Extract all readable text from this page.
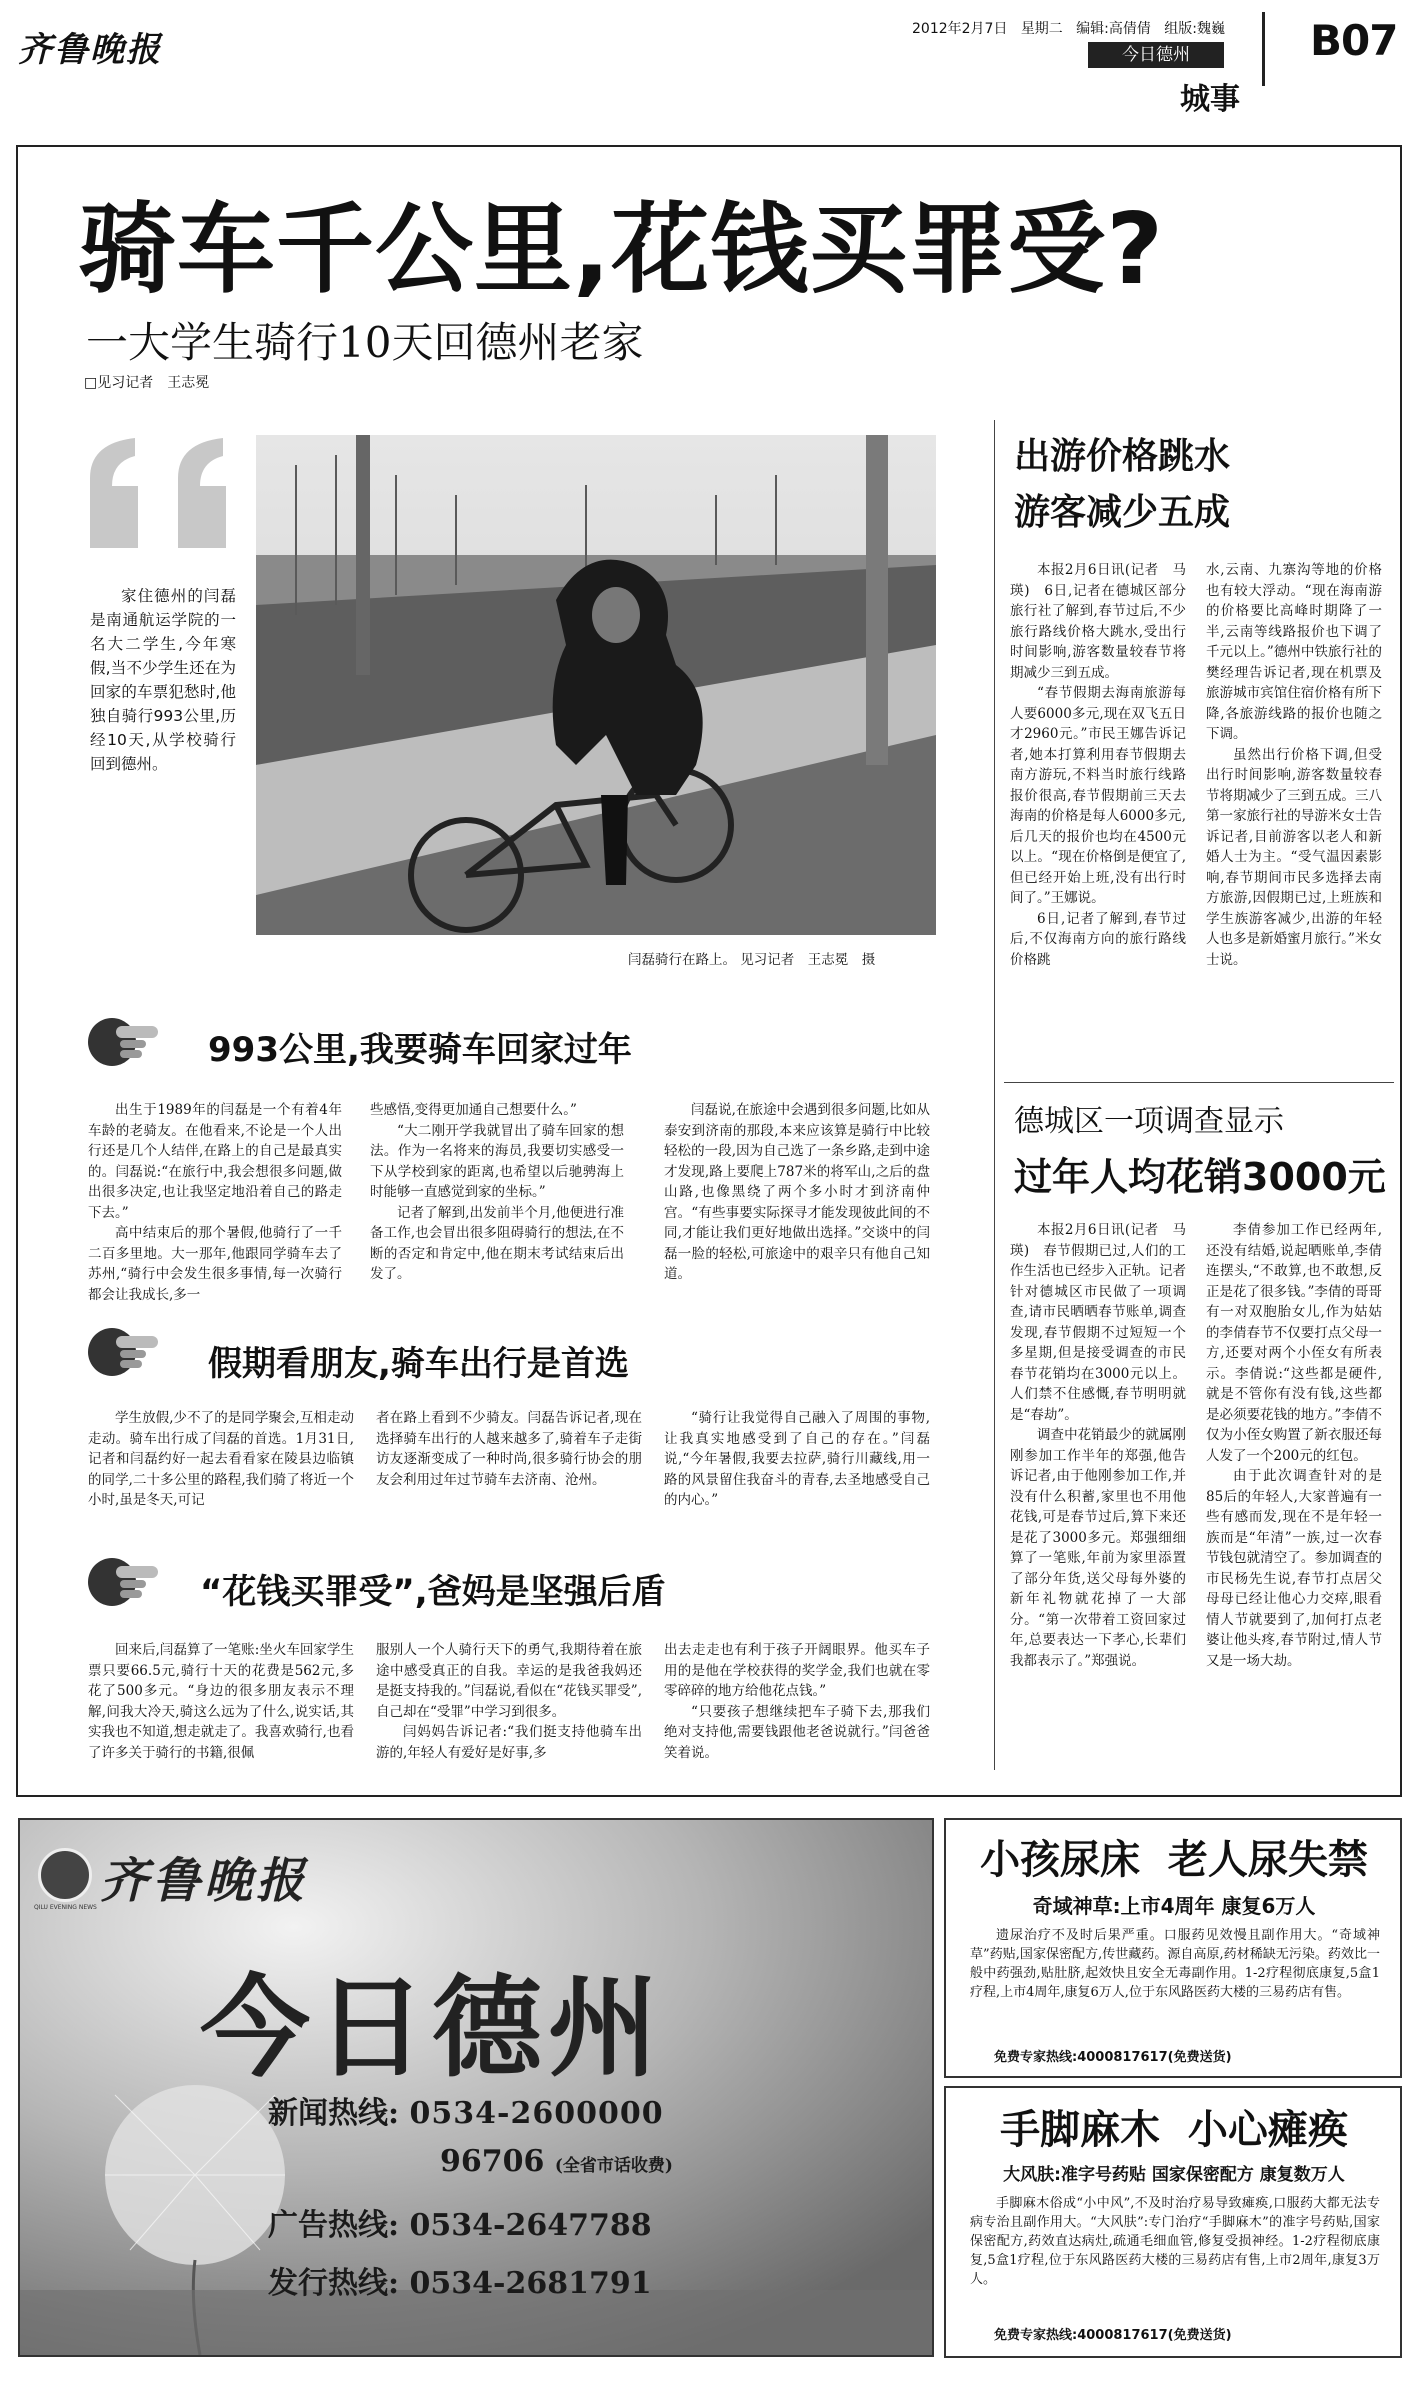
齐鲁晚报
2012年2月7日 星期二 编辑:高倩倩 组版:魏巍
今日德州
城事
B07
骑车千公里,花钱买罪受?
一大学生骑行10天回德州老家
□见习记者　王志冕
家住德州的闫磊是南通航运学院的一名大二学生,今年寒假,当不少学生还在为回家的车票犯愁时,他独自骑行993公里,历经10天,从学校骑行回到德州。
闫磊骑行在路上。 见习记者　王志冕　摄
993公里,我要骑车回家过年

出生于1989年的闫磊是一个有着4年车龄的老骑友。在他看来,不论是一个人出行还是几个人结伴,在路上的自己是最真实的。闫磊说:“在旅行中,我会想很多问题,做出很多决定,也让我坚定地沿着自己的路走下去。”

高中结束后的那个暑假,他骑行了一千二百多里地。大一那年,他跟同学骑车去了苏州,“骑行中会发生很多事情,每一次骑行都会让我成长,多一

些感悟,变得更加通自己想要什么。”

“大二刚开学我就冒出了骑车回家的想法。作为一名将来的海员,我要切实感受一下从学校到家的距离,也希望以后驰骋海上时能够一直感觉到家的坐标。”

记者了解到,出发前半个月,他便进行准备工作,也会冒出很多阻碍骑行的想法,在不断的否定和肯定中,他在期末考试结束后出发了。

闫磊说,在旅途中会遇到很多问题,比如从泰安到济南的那段,本来应该算是骑行中比较轻松的一段,因为自己选了一条乡路,走到中途才发现,路上要爬上787米的将军山,之后的盘山路,也像黑绕了两个多小时才到济南仲宫。“有些事要实际探寻才能发现彼此间的不同,才能让我们更好地做出选择。”交谈中的闫磊一脸的轻松,可旅途中的艰辛只有他自己知道。

假期看朋友,骑车出行是首选

学生放假,少不了的是同学聚会,互相走动走动。骑车出行成了闫磊的首选。1月31日,记者和闫磊约好一起去看看家在陵县边临镇的同学,二十多公里的路程,我们骑了将近一个小时,虽是冬天,可记

者在路上看到不少骑友。闫磊告诉记者,现在选择骑车出行的人越来越多了,骑着车子走街访友逐渐变成了一种时尚,很多骑行协会的朋友会利用过年过节骑车去济南、沧州。

“骑行让我觉得自己融入了周围的事物,让我真实地感受到了自己的存在。”闫磊说,“今年暑假,我要去拉萨,骑行川藏线,用一路的风景留住我奋斗的青春,去圣地感受自己的内心。”

“花钱买罪受”,爸妈是坚强后盾

回来后,闫磊算了一笔账:坐火车回家学生票只要66.5元,骑行十天的花费是562元,多花了500多元。“身边的很多朋友表示不理解,问我大冷天,骑这么远为了什么,说实话,其实我也不知道,想走就走了。我喜欢骑行,也看了许多关于骑行的书籍,很佩

服别人一个人骑行天下的勇气,我期待着在旅途中感受真正的自我。幸运的是我爸我妈还是挺支持我的。”闫磊说,看似在“花钱买罪受”,自己却在“受罪”中学习到很多。

闫妈妈告诉记者:“我们挺支持他骑车出游的,年轻人有爱好是好事,多

出去走走也有利于孩子开阔眼界。他买车子用的是他在学校获得的奖学金,我们也就在零零碎碎的地方给他花点钱。”

“只要孩子想继续把车子骑下去,那我们绝对支持他,需要钱跟他老爸说就行。”闫爸爸笑着说。

出游价格跳水
游客减少五成

本报2月6日讯(记者　马瑛)　6日,记者在德城区部分旅行社了解到,春节过后,不少旅行路线价格大跳水,受出行时间影响,游客数量较春节将期减少三到五成。

“春节假期去海南旅游每人要6000多元,现在双飞五日才2960元。”市民王娜告诉记者,她本打算利用春节假期去南方游玩,不料当时旅行线路报价很高,春节假期前三天去海南的价格是每人6000多元,后几天的报价也均在4500元以上。“现在价格倒是便宜了,但已经开始上班,没有出行时间了。”王娜说。

6日,记者了解到,春节过后,不仅海南方向的旅行路线价格跳

水,云南、九寨沟等地的价格也有较大浮动。“现在海南游的价格要比高峰时期降了一半,云南等线路报价也下调了千元以上。”德州中铁旅行社的樊经理告诉记者,现在机票及旅游城市宾馆住宿价格有所下降,各旅游线路的报价也随之下调。

虽然出行价格下调,但受出行时间影响,游客数量较春节将期减少了三到五成。三八第一家旅行社的导游米女士告诉记者,目前游客以老人和新婚人士为主。“受气温因素影响,春节期间市民多选择去南方旅游,因假期已过,上班族和学生族游客减少,出游的年轻人也多是新婚蜜月旅行。”米女士说。

德城区一项调查显示
过年人均花销3000元

本报2月6日讯(记者　马瑛)　春节假期已过,人们的工作生活也已经步入正轨。记者针对德城区市民做了一项调查,请市民晒晒春节账单,调查发现,春节假期不过短短一个多星期,但是接受调查的市民春节花销均在3000元以上。人们禁不住感慨,春节明明就是“春劫”。

调查中花销最少的就属刚刚参加工作半年的郑强,他告诉记者,由于他刚参加工作,并没有什么积蓄,家里也不用他花钱,可是春节过后,算下来还是花了3000多元。郑强细细算了一笔账,年前为家里添置了部分年货,送父母每外婆的新年礼物就花掉了一大部分。“第一次带着工资回家过年,总要表达一下孝心,长辈们我都表示了。”郑强说。

李倩参加工作已经两年,还没有结婚,说起晒账单,李倩连摆头,“不敢算,也不敢想,反正是花了很多钱。”李倩的哥哥有一对双胞胎女儿,作为姑姑的李倩春节不仅要打点父母一方,还要对两个小侄女有所表示。李倩说:“这些都是硬件,就是不管你有没有钱,这些都是必须要花钱的地方。”李倩不仅为小侄女购置了新衣服还每人发了一个200元的红包。

由于此次调查针对的是85后的年轻人,大家普遍有一些有感而发,现在不是年轻一族而是“年清”一族,过一次春节钱包就清空了。参加调查的市民杨先生说,春节打点居父母母已经让他心力交瘁,眼看情人节就要到了,加何打点老婆让他头疼,春节附过,情人节又是一场大劫。

QILU EVENING NEWS 齐鲁晚报
今日德州
新闻热线: 0534-2600000
96706 (全省市话收费)
广告热线: 0534-2647788
发行热线: 0534-2681791
小孩尿床  老人尿失禁
奇域神草:上市4周年 康复6万人

遗尿治疗不及时后果严重。口服药见效慢且副作用大。“奇域神草”药贴,国家保密配方,传世藏药。源自高原,药材稀缺无污染。药效比一般中药强劲,贴肚脐,起效快且安全无毒副作用。1-2疗程彻底康复,5盒1疗程,上市4周年,康复6万人,位于东风路医药大楼的三易药店有售。

免费专家热线:4000817617(免费送货)
手脚麻木  小心瘫痪
大风肤:准字号药贴 国家保密配方 康复数万人

手脚麻木俗成“小中风”,不及时治疗易导致瘫痪,口服药大都无法专病专治且副作用大。“大风肤”:专门治疗“手脚麻木”的准字号药贴,国家保密配方,药效直达病灶,疏通毛细血管,修复受损神经。1-2疗程彻底康复,5盒1疗程,位于东风路医药大楼的三易药店有售,上市2周年,康复3万人。

免费专家热线:4000817617(免费送货)
